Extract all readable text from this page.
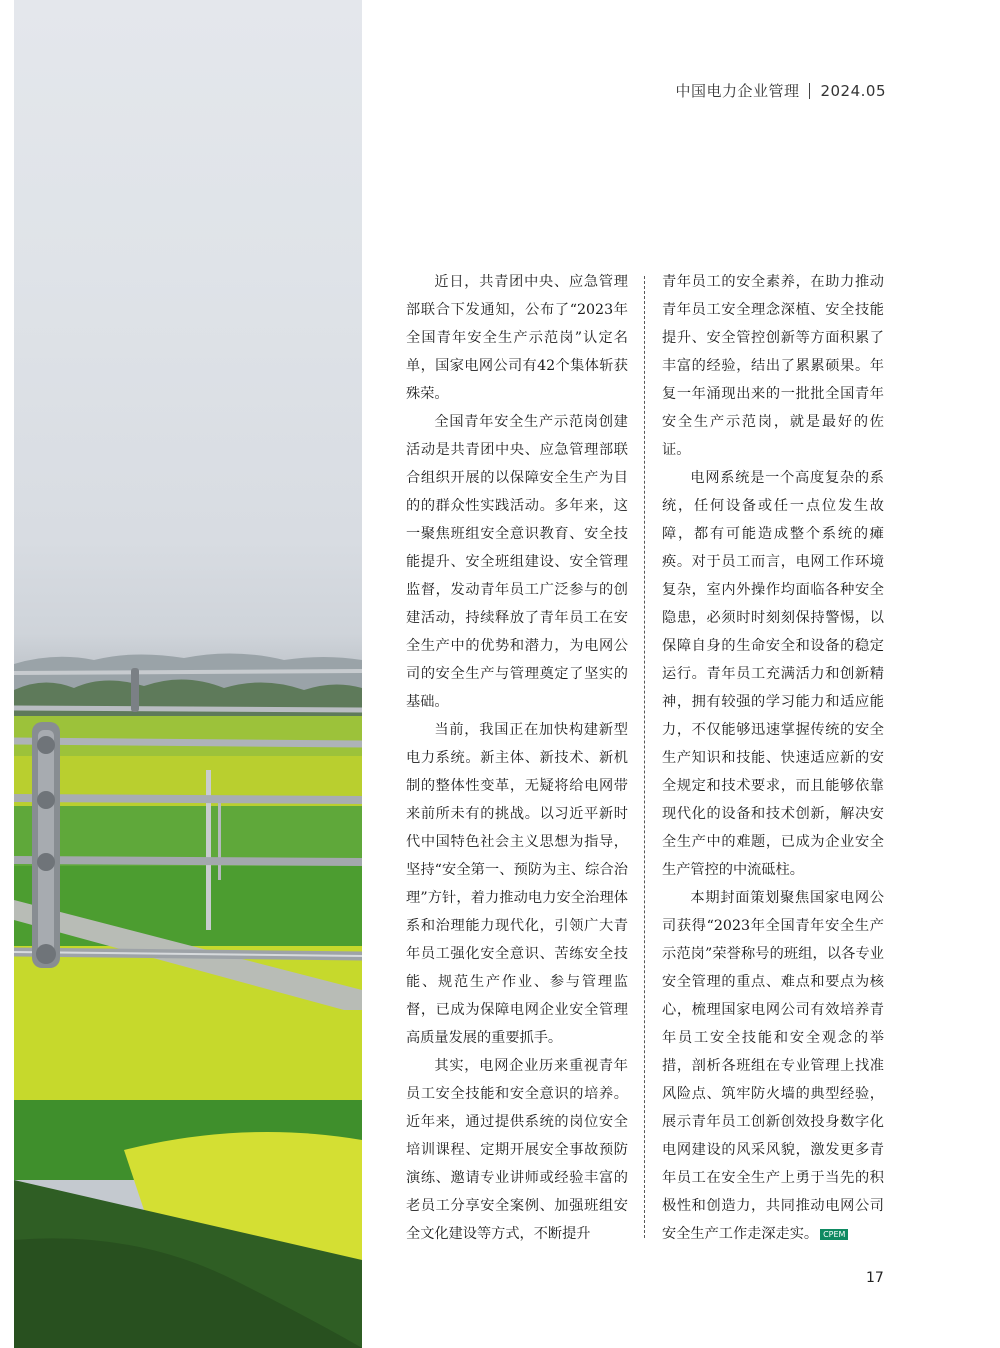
中国电力企业管理 2024.05

近日，共青团中央、应急管理部联合下发通知，公布了“2023年全国青年安全生产示范岗”认定名单，国家电网公司有42个集体斩获殊荣。

全国青年安全生产示范岗创建活动是共青团中央、应急管理部联合组织开展的以保障安全生产为目的的群众性实践活动。多年来，这一聚焦班组安全意识教育、安全技能提升、安全班组建设、安全管理监督，发动青年员工广泛参与的创建活动，持续释放了青年员工在安全生产中的优势和潜力，为电网公司的安全生产与管理奠定了坚实的基础。

当前，我国正在加快构建新型电力系统。新主体、新技术、新机制的整体性变革，无疑将给电网带来前所未有的挑战。以习近平新时代中国特色社会主义思想为指导，坚持“安全第一、预防为主、综合治理”方针，着力推动电力安全治理体系和治理能力现代化，引领广大青年员工强化安全意识、苦练安全技能、规范生产作业、参与管理监督，已成为保障电网企业安全管理高质量发展的重要抓手。

其实，电网企业历来重视青年员工安全技能和安全意识的培养。近年来，通过提供系统的岗位安全培训课程、定期开展安全事故预防演练、邀请专业讲师或经验丰富的老员工分享安全案例、加强班组安全文化建设等方式，不断提升

青年员工的安全素养，在助力推动青年员工安全理念深植、安全技能提升、安全管控创新等方面积累了丰富的经验，结出了累累硕果。年复一年涌现出来的一批批全国青年安全生产示范岗，就是最好的佐证。

电网系统是一个高度复杂的系统，任何设备或任一点位发生故障，都有可能造成整个系统的瘫痪。对于员工而言，电网工作环境复杂，室内外操作均面临各种安全隐患，必须时时刻刻保持警惕，以保障自身的生命安全和设备的稳定运行。青年员工充满活力和创新精神，拥有较强的学习能力和适应能力，不仅能够迅速掌握传统的安全生产知识和技能、快速适应新的安全规定和技术要求，而且能够依靠现代化的设备和技术创新，解决安全生产中的难题，已成为企业安全生产管控的中流砥柱。

本期封面策划聚焦国家电网公司获得“2023年全国青年安全生产示范岗”荣誉称号的班组，以各专业安全管理的重点、难点和要点为核心，梳理国家电网公司有效培养青年员工安全技能和安全观念的举措，剖析各班组在专业管理上找准风险点、筑牢防火墙的典型经验，展示青年员工创新创效投身数字化电网建设的风采风貌，激发更多青年员工在安全生产上勇于当先的积极性和创造力，共同推动电网公司安全生产工作走深走实。 CPEM

17
